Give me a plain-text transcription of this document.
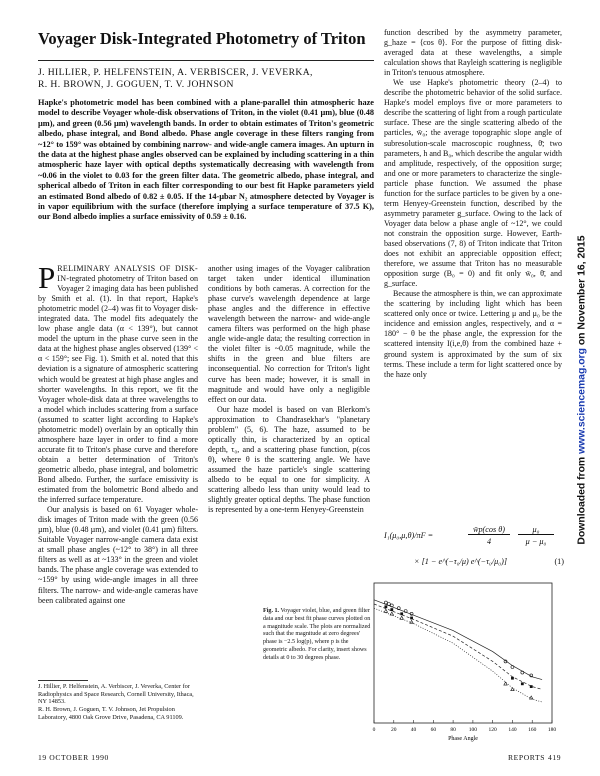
Voyager Disk-Integrated Photometry of Triton
J. HILLIER, P. HELFENSTEIN, A. VERBISCER, J. VEVERKA,
R. H. BROWN, J. GOGUEN, T. V. JOHNSON
Hapke's photometric model has been combined with a plane-parallel thin atmospheric haze model to describe Voyager whole-disk observations of Triton, in the violet (0.41 µm), blue (0.48 µm), and green (0.56 µm) wavelength bands. In order to obtain estimates of Triton's geometric albedo, phase integral, and Bond albedo. Phase angle coverage in these filters ranging from ~12° to 159° was obtained by combining narrow- and wide-angle camera images. An upturn in the data at the highest phase angles observed can be explained by including scattering in a thin atmospheric haze layer with optical depths systematically decreasing with wavelength from ~0.06 in the violet to 0.03 for the green filter data. The geometric albedo, phase integral, and spherical albedo of Triton in each filter corresponding to our best fit Hapke parameters yield an estimated Bond albedo of 0.82 ± 0.05. If the 14-µbar N₂ atmosphere detected by Voyager is in vapor equilibrium with the surface (therefore implying a surface temperature of 37.5 K), our Bond albedo implies a surface emissivity of 0.59 ± 0.16.

PRELIMINARY ANALYSIS OF DISK-IN-tegrated photometry of Triton based on Voyager 2 imaging data has been published by Smith et al. (1). In that report, Hapke's photometric model (2–4) was fit to Voyager disk-integrated data. The model fits adequately the low phase angle data (α < 139°), but cannot model the upturn in the phase curve seen in the data at the highest phase angles observed (139° < α < 159°; see Fig. 1). Smith et al. noted that this deviation is a signature of atmospheric scattering which would be greatest at high phase angles and shorter wavelengths. In this report, we fit the Voyager whole-disk data at three wavelengths to a model which includes scattering from a surface (assumed to scatter light according to Hapke's photometric model) overlain by an optically thin atmosphere haze layer in order to find a more accurate fit to Triton's phase curve and therefore obtain a better determination of Triton's geometric albedo, phase integral, and bolometric Bond albedo. Further, the surface emissivity is estimated from the bolometric Bond albedo and the inferred surface temperature.

Our analysis is based on 61 Voyager whole-disk images of Triton made with the green (0.56 µm), blue (0.48 µm), and violet (0.41 µm) filters. Suitable Voyager narrow-angle camera data exist at small phase angles (~12° to 38°) in all three filters as well as at ~133° in the green and violet bands. The phase angle coverage was extended to ~159° by using wide-angle images in all three filters. The narrow- and wide-angle cameras have been calibrated against one

J. Hillier, P. Helfenstein, A. Verbiscer, J. Veverka, Center for Radiophysics and Space Research, Cornell University, Ithaca, NY 14853.
R. H. Brown, J. Goguen, T. V. Johnson, Jet Propulsion Laboratory, 4800 Oak Grove Drive, Pasadena, CA 91109.

another using images of the Voyager calibration target taken under identical illumination conditions by both cameras. A correction for the phase curve's wavelength dependence at large phase angles and the difference in effective wavelength between the narrow- and wide-angle camera filters was performed on the high phase angle wide-angle data; the resulting correction in the violet filter is ~0.05 magnitude, while the shifts in the green and blue filters are inconsequential. No correction for Triton's light curve has been made; however, it is small in magnitude and would have only a negligible effect on our data.

Our haze model is based on van Blerkom's approximation to Chandrasekhar's "planetary problem" (5, 6). The haze, assumed to be optically thin, is characterized by an optical depth, τ₀, and a scattering phase function, p(cos θ), where θ is the scattering angle. We have assumed the haze particle's single scattering albedo to be equal to one for simplicity. A scattering albedo less than unity would lead to slightly greater optical depths. The phase function is represented by a one-term Henyey-Greenstein

function described by the asymmetry parameter, g_haze = ⟨cos θ⟩. For the purpose of fitting disk-averaged data at these wavelengths, a simple calculation shows that Rayleigh scattering is negligible in Triton's tenuous atmosphere.

We use Hapke's photometric theory (2–4) to describe the photometric behavior of the solid surface. Hapke's model employs five or more parameters to describe the scattering of light from a rough particulate surface. These are the single scattering albedo of the particles, w̄₀; the average topographic slope angle of subresolution-scale macroscopic roughness, θ̄; two parameters, h and B₀, which describe the angular width and amplitude, respectively, of the opposition surge; and one or more parameters to characterize the single-particle phase function. We assumed the phase function for the surface particles to be given by a one-term Henyey-Greenstein function, described by the asymmetry parameter g_surface. Owing to the lack of Voyager data below a phase angle of ~12°, we could not constrain the opposition surge. However, Earth-based observations (7, 8) of Triton indicate that Triton does not exhibit an appreciable opposition effect; therefore, we assume that Triton has no measurable opposition surge (B₀ = 0) and fit only w̄₀, θ̄, and g_surface.

Because the atmosphere is thin, we can approximate the scattering by including light which has been scattered only once or twice. Lettering μ and μ₀ be the incidence and emission angles, respectively, and α = 180° − θ be the phase angle, the expression for the scattered intensity I(i,e,θ) from the combined haze + ground system is approximated by the sum of six terms. These include a term for light scattered once by the haze only

I₁(μ₀,μ,θ)/πF =
w̄p(cos θ)
4
μ₀
μ − μ₀
× [1 − e^(−τ₀/μ) e^(−τ₀/μ₀)]	(1)
Fig. 1. Voyager violet, blue, and green filter data and our best fit phase curves plotted on a magnitude scale. The plots are normalized such that the magnitude at zero degrees' phase is −2.5 log(p), where p is the geometric albedo. For clarity, insert shows details at 0 to 30 degrees phase.
0	20	40	60	80 100 120 140 160 180
Phase Angle
19 OCTOBER 1990	REPORTS 419
Downloaded from www.sciencemag.org on November 16, 2015
